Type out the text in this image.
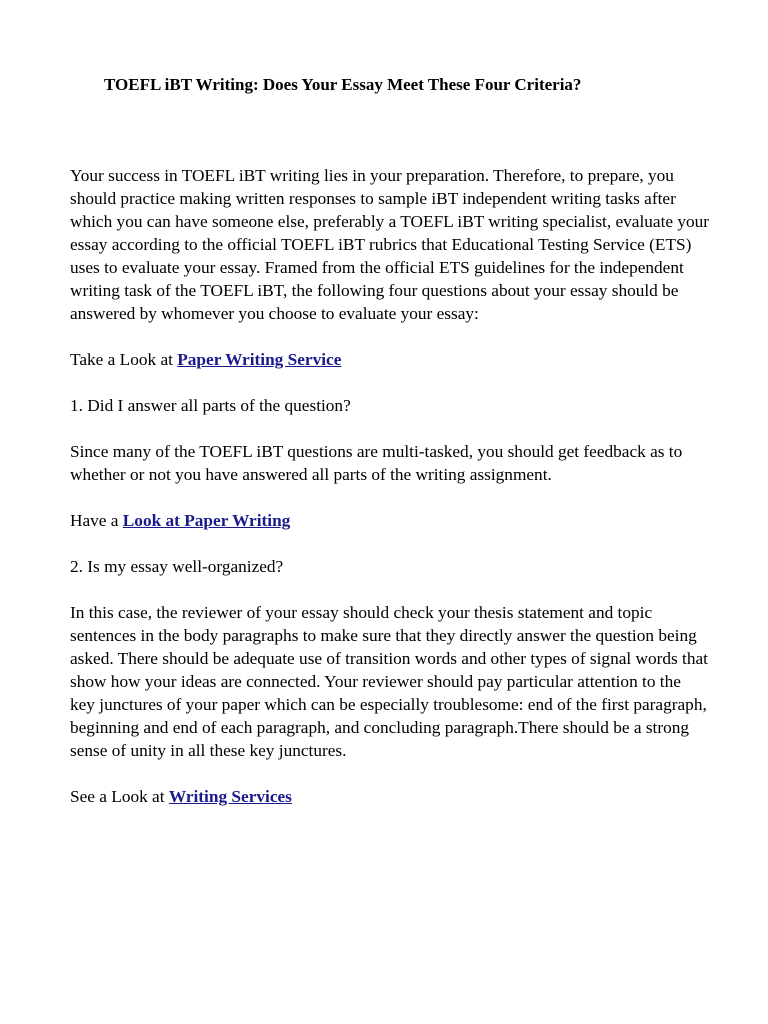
TOEFL iBT Writing: Does Your Essay Meet These Four Criteria?

Your success in TOEFL iBT writing lies in your preparation. Therefore, to prepare, you should practice making written responses to sample iBT independent writing tasks after which you can have someone else, preferably a TOEFL iBT writing specialist, evaluate your essay according to the official TOEFL iBT rubrics that Educational Testing Service (ETS) uses to evaluate your essay. Framed from the official ETS guidelines for the independent writing task of the TOEFL iBT, the following four questions about your essay should be answered by whomever you choose to evaluate your essay:

Take a Look at Paper Writing Service

1. Did I answer all parts of the question?

Since many of the TOEFL iBT questions are multi-tasked, you should get feedback as to whether or not you have answered all parts of the writing assignment.

Have a Look at Paper Writing

2. Is my essay well-organized?

In this case, the reviewer of your essay should check your thesis statement and topic sentences in the body paragraphs to make sure that they directly answer the question being asked. There should be adequate use of transition words and other types of signal words that show how your ideas are connected. Your reviewer should pay particular attention to the key junctures of your paper which can be especially troublesome: end of the first paragraph, beginning and end of each paragraph, and concluding paragraph.There should be a strong sense of unity in all these key junctures.

See a Look at Writing Services
